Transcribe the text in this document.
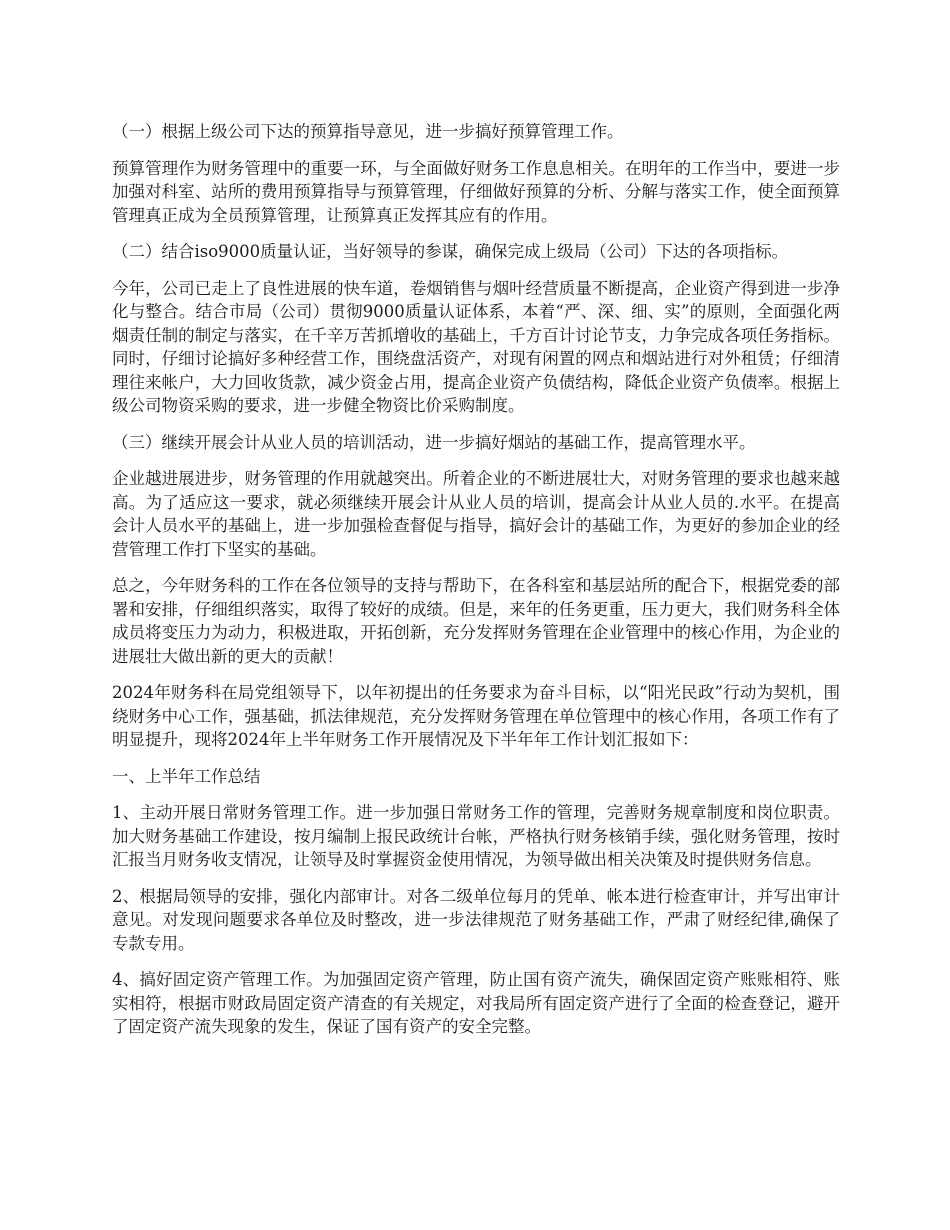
（一）根据上级公司下达的预算指导意见，进一步搞好预算管理工作。

预算管理作为财务管理中的重要一环，与全面做好财务工作息息相关。在明年的工作当中，要进一步加强对科室、站所的费用预算指导与预算管理，仔细做好预算的分析、分解与落实工作，使全面预算管理真正成为全员预算管理，让预算真正发挥其应有的作用。

（二）结合iso9000质量认证，当好领导的参谋，确保完成上级局（公司）下达的各项指标。

今年，公司已走上了良性进展的快车道，卷烟销售与烟叶经营质量不断提高，企业资产得到进一步净化与整合。结合市局（公司）贯彻9000质量认证体系，本着“严、深、细、实”的原则，全面强化两烟责任制的制定与落实，在千辛万苦抓增收的基础上，千方百计讨论节支，力争完成各项任务指标。同时，仔细讨论搞好多种经营工作，围绕盘活资产，对现有闲置的网点和烟站进行对外租赁；仔细清理往来帐户，大力回收货款，减少资金占用，提高企业资产负债结构，降低企业资产负债率。根据上级公司物资采购的要求，进一步健全物资比价采购制度。

（三）继续开展会计从业人员的培训活动，进一步搞好烟站的基础工作，提高管理水平。

企业越进展进步，财务管理的作用就越突出。所着企业的不断进展壮大，对财务管理的要求也越来越高。为了适应这一要求，就必须继续开展会计从业人员的培训，提高会计从业人员的.水平。在提高会计人员水平的基础上，进一步加强检查督促与指导，搞好会计的基础工作，为更好的参加企业的经营管理工作打下坚实的基础。

总之，今年财务科的工作在各位领导的支持与帮助下，在各科室和基层站所的配合下，根据党委的部署和安排，仔细组织落实，取得了较好的成绩。但是，来年的任务更重，压力更大，我们财务科全体成员将变压力为动力，积极进取，开拓创新，充分发挥财务管理在企业管理中的核心作用，为企业的进展壮大做出新的更大的贡献！

2024年财务科在局党组领导下，以年初提出的任务要求为奋斗目标，以“阳光民政”行动为契机，围绕财务中心工作，强基础，抓法律规范，充分发挥财务管理在单位管理中的核心作用，各项工作有了明显提升，现将2024年上半年财务工作开展情况及下半年年工作计划汇报如下：

一、上半年工作总结

1、主动开展日常财务管理工作。进一步加强日常财务工作的管理，完善财务规章制度和岗位职责。加大财务基础工作建设，按月编制上报民政统计台帐，严格执行财务核销手续，强化财务管理，按时汇报当月财务收支情况，让领导及时掌握资金使用情况，为领导做出相关决策及时提供财务信息。

2、根据局领导的安排，强化内部审计。对各二级单位每月的凭单、帐本进行检查审计，并写出审计意见。对发现问题要求各单位及时整改，进一步法律规范了财务基础工作，严肃了财经纪律,确保了专款专用。

4、搞好固定资产管理工作。为加强固定资产管理，防止国有资产流失，确保固定资产账账相符、账实相符，根据市财政局固定资产清查的有关规定，对我局所有固定资产进行了全面的检查登记，避开了固定资产流失现象的发生，保证了国有资产的安全完整。
